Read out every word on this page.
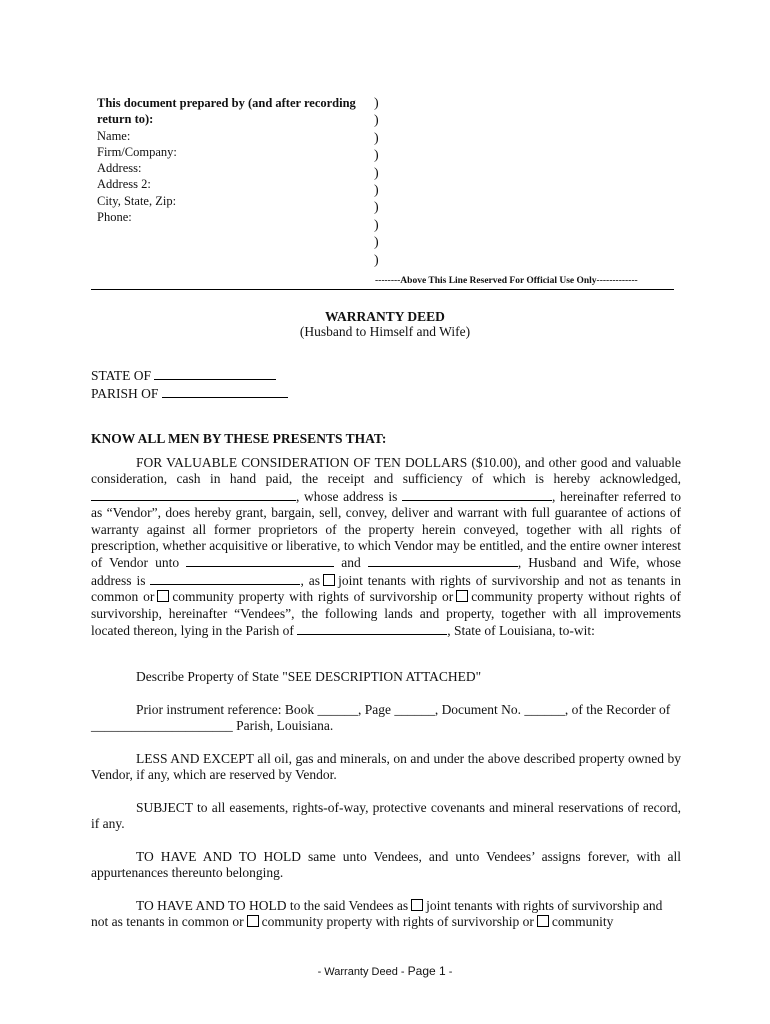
This document prepared by (and after recording
return to):
Name:
Firm/Company:
Address:
Address 2:
City, State, Zip:
Phone:
)
)
)
)
)
)
)
)
)
)
--------Above This Line Reserved For Official Use Only-------------
WARRANTY DEED
(Husband to Himself and Wife)
STATE OF
PARISH OF
KNOW ALL MEN BY THESE PRESENTS THAT:
FOR VALUABLE CONSIDERATION OF TEN DOLLARS ($10.00), and other good and valuable consideration, cash in hand paid, the receipt and sufficiency of which is hereby acknowledged, , whose address is	, hereinafter referred to as “Vendor”, does hereby grant, bargain, sell, convey, deliver and warrant with full guarantee of actions of warranty against all former proprietors of the property herein conveyed, together with all rights of prescription, whether acquisitive or liberative, to which Vendor may be entitled, and the entire owner interest of Vendor unto	and	, Husband and Wife, whose address is	, as joint tenants with rights of survivorship and not as tenants in common or community property with rights of survivorship or community property without rights of survivorship, hereinafter “Vendees”, the following lands and property, together with all improvements located thereon, lying in the Parish of	, State of Louisiana, to-wit:
Describe Property of State "SEE DESCRIPTION ATTACHED"
Prior instrument reference: Book ______, Page ______, Document No. ______, of the Recorder of
_____________________ Parish, Louisiana.
LESS AND EXCEPT all oil, gas and minerals, on and under the above described property owned by Vendor, if any, which are reserved by Vendor.
SUBJECT to all easements, rights-of-way, protective covenants and mineral reservations of record, if any.
TO HAVE AND TO HOLD same unto Vendees, and unto Vendees’ assigns forever, with all appurtenances thereunto belonging.
TO HAVE AND TO HOLD to the said Vendees as joint tenants with rights of survivorship and not as tenants in common or community property with rights of survivorship or community
- Warranty Deed - Page 1 -
